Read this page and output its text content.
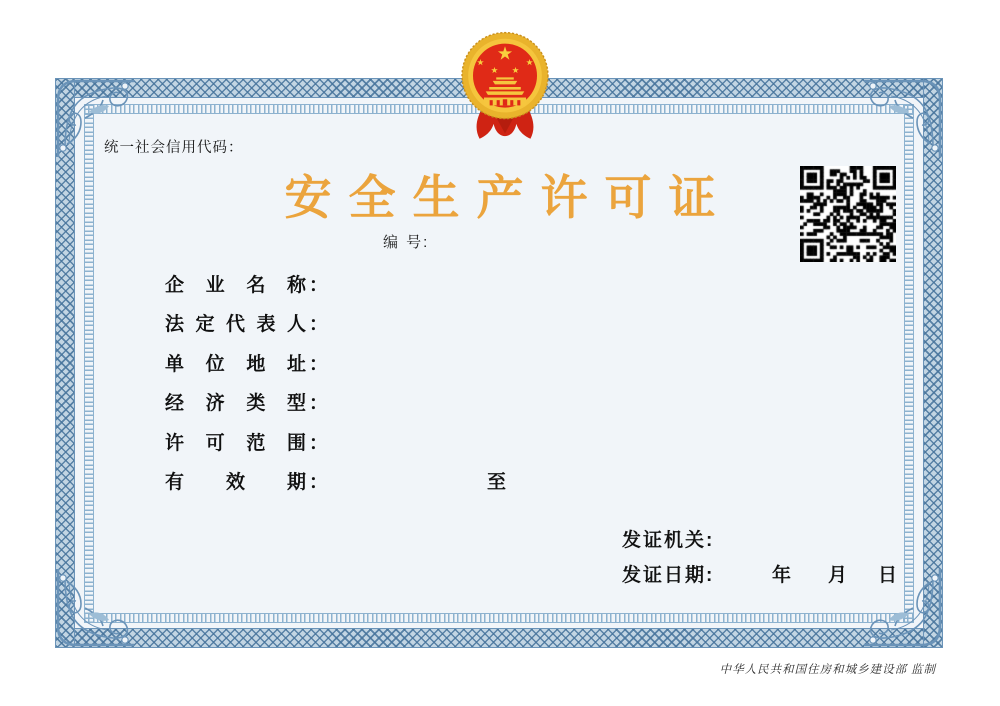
统一社会信用代码：
安全生产许可证
编 号:
企 业 名 称 ：
法 定 代 表 人 ：
单 位 地 址 ：
经 济 类 型 ：
许 可 范 围 ：
有 效 期 ：	至
发证机关:
发证日期:	年 月 日
中华人民共和国住房和城乡建设部 监制
